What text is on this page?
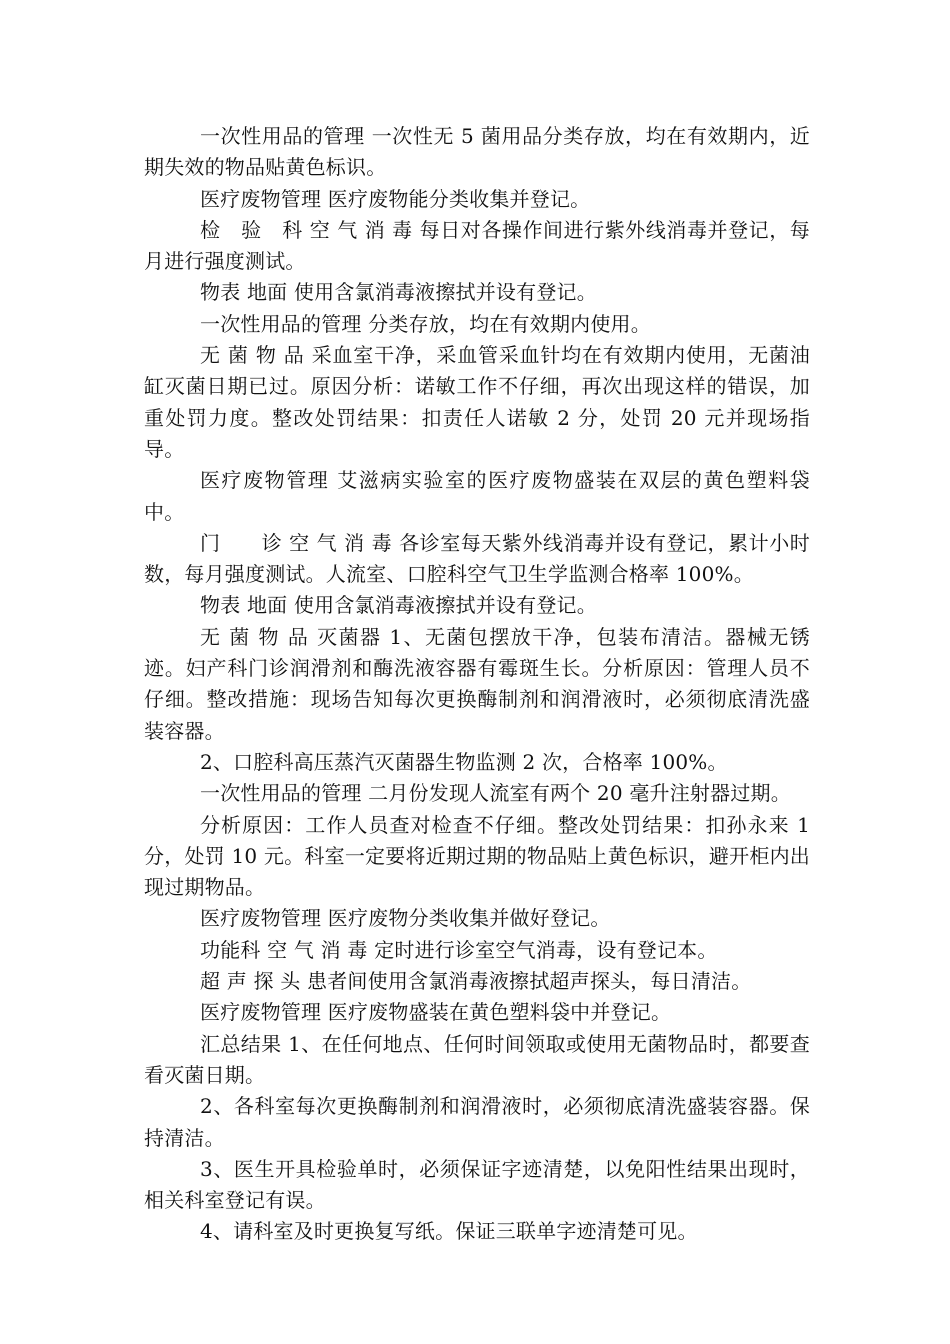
一次性用品的管理 一次性无 5 菌用品分类存放，均在有效期内，近期失效的物品贴黄色标识。

医疗废物管理 医疗废物能分类收集并登记。

检　验　科 空 气 消 毒 每日对各操作间进行紫外线消毒并登记，每月进行强度测试。

物表 地面 使用含氯消毒液擦拭并设有登记。

一次性用品的管理 分类存放，均在有效期内使用。

无 菌 物 品 采血室干净，采血管采血针均在有效期内使用，无菌油缸灭菌日期已过。原因分析：诺敏工作不仔细，再次出现这样的错误，加重处罚力度。整改处罚结果：扣责任人诺敏 2 分，处罚 20 元并现场指导。

医疗废物管理 艾滋病实验室的医疗废物盛装在双层的黄色塑料袋中。

门　　诊 空 气 消 毒 各诊室每天紫外线消毒并设有登记，累计小时数，每月强度测试。人流室、口腔科空气卫生学监测合格率 100%。

物表 地面 使用含氯消毒液擦拭并设有登记。

无 菌 物 品 灭菌器 1、无菌包摆放干净，包装布清洁。器械无锈迹。妇产科门诊润滑剂和酶洗液容器有霉斑生长。分析原因：管理人员不仔细。整改措施：现场告知每次更换酶制剂和润滑液时，必须彻底清洗盛装容器。

2、口腔科高压蒸汽灭菌器生物监测 2 次，合格率 100%。

一次性用品的管理 二月份发现人流室有两个 20 毫升注射器过期。

分析原因：工作人员查对检查不仔细。整改处罚结果：扣孙永来 1 分，处罚 10 元。科室一定要将近期过期的物品贴上黄色标识，避开柜内出现过期物品。

医疗废物管理 医疗废物分类收集并做好登记。

功能科 空 气 消 毒 定时进行诊室空气消毒，设有登记本。

超 声 探 头 患者间使用含氯消毒液擦拭超声探头，每日清洁。

医疗废物管理 医疗废物盛装在黄色塑料袋中并登记。

汇总结果 1、在任何地点、任何时间领取或使用无菌物品时，都要查看灭菌日期。

2、各科室每次更换酶制剂和润滑液时，必须彻底清洗盛装容器。保持清洁。

3、医生开具检验单时，必须保证字迹清楚，以免阳性结果出现时，相关科室登记有误。

4、请科室及时更换复写纸。保证三联单字迹清楚可见。
